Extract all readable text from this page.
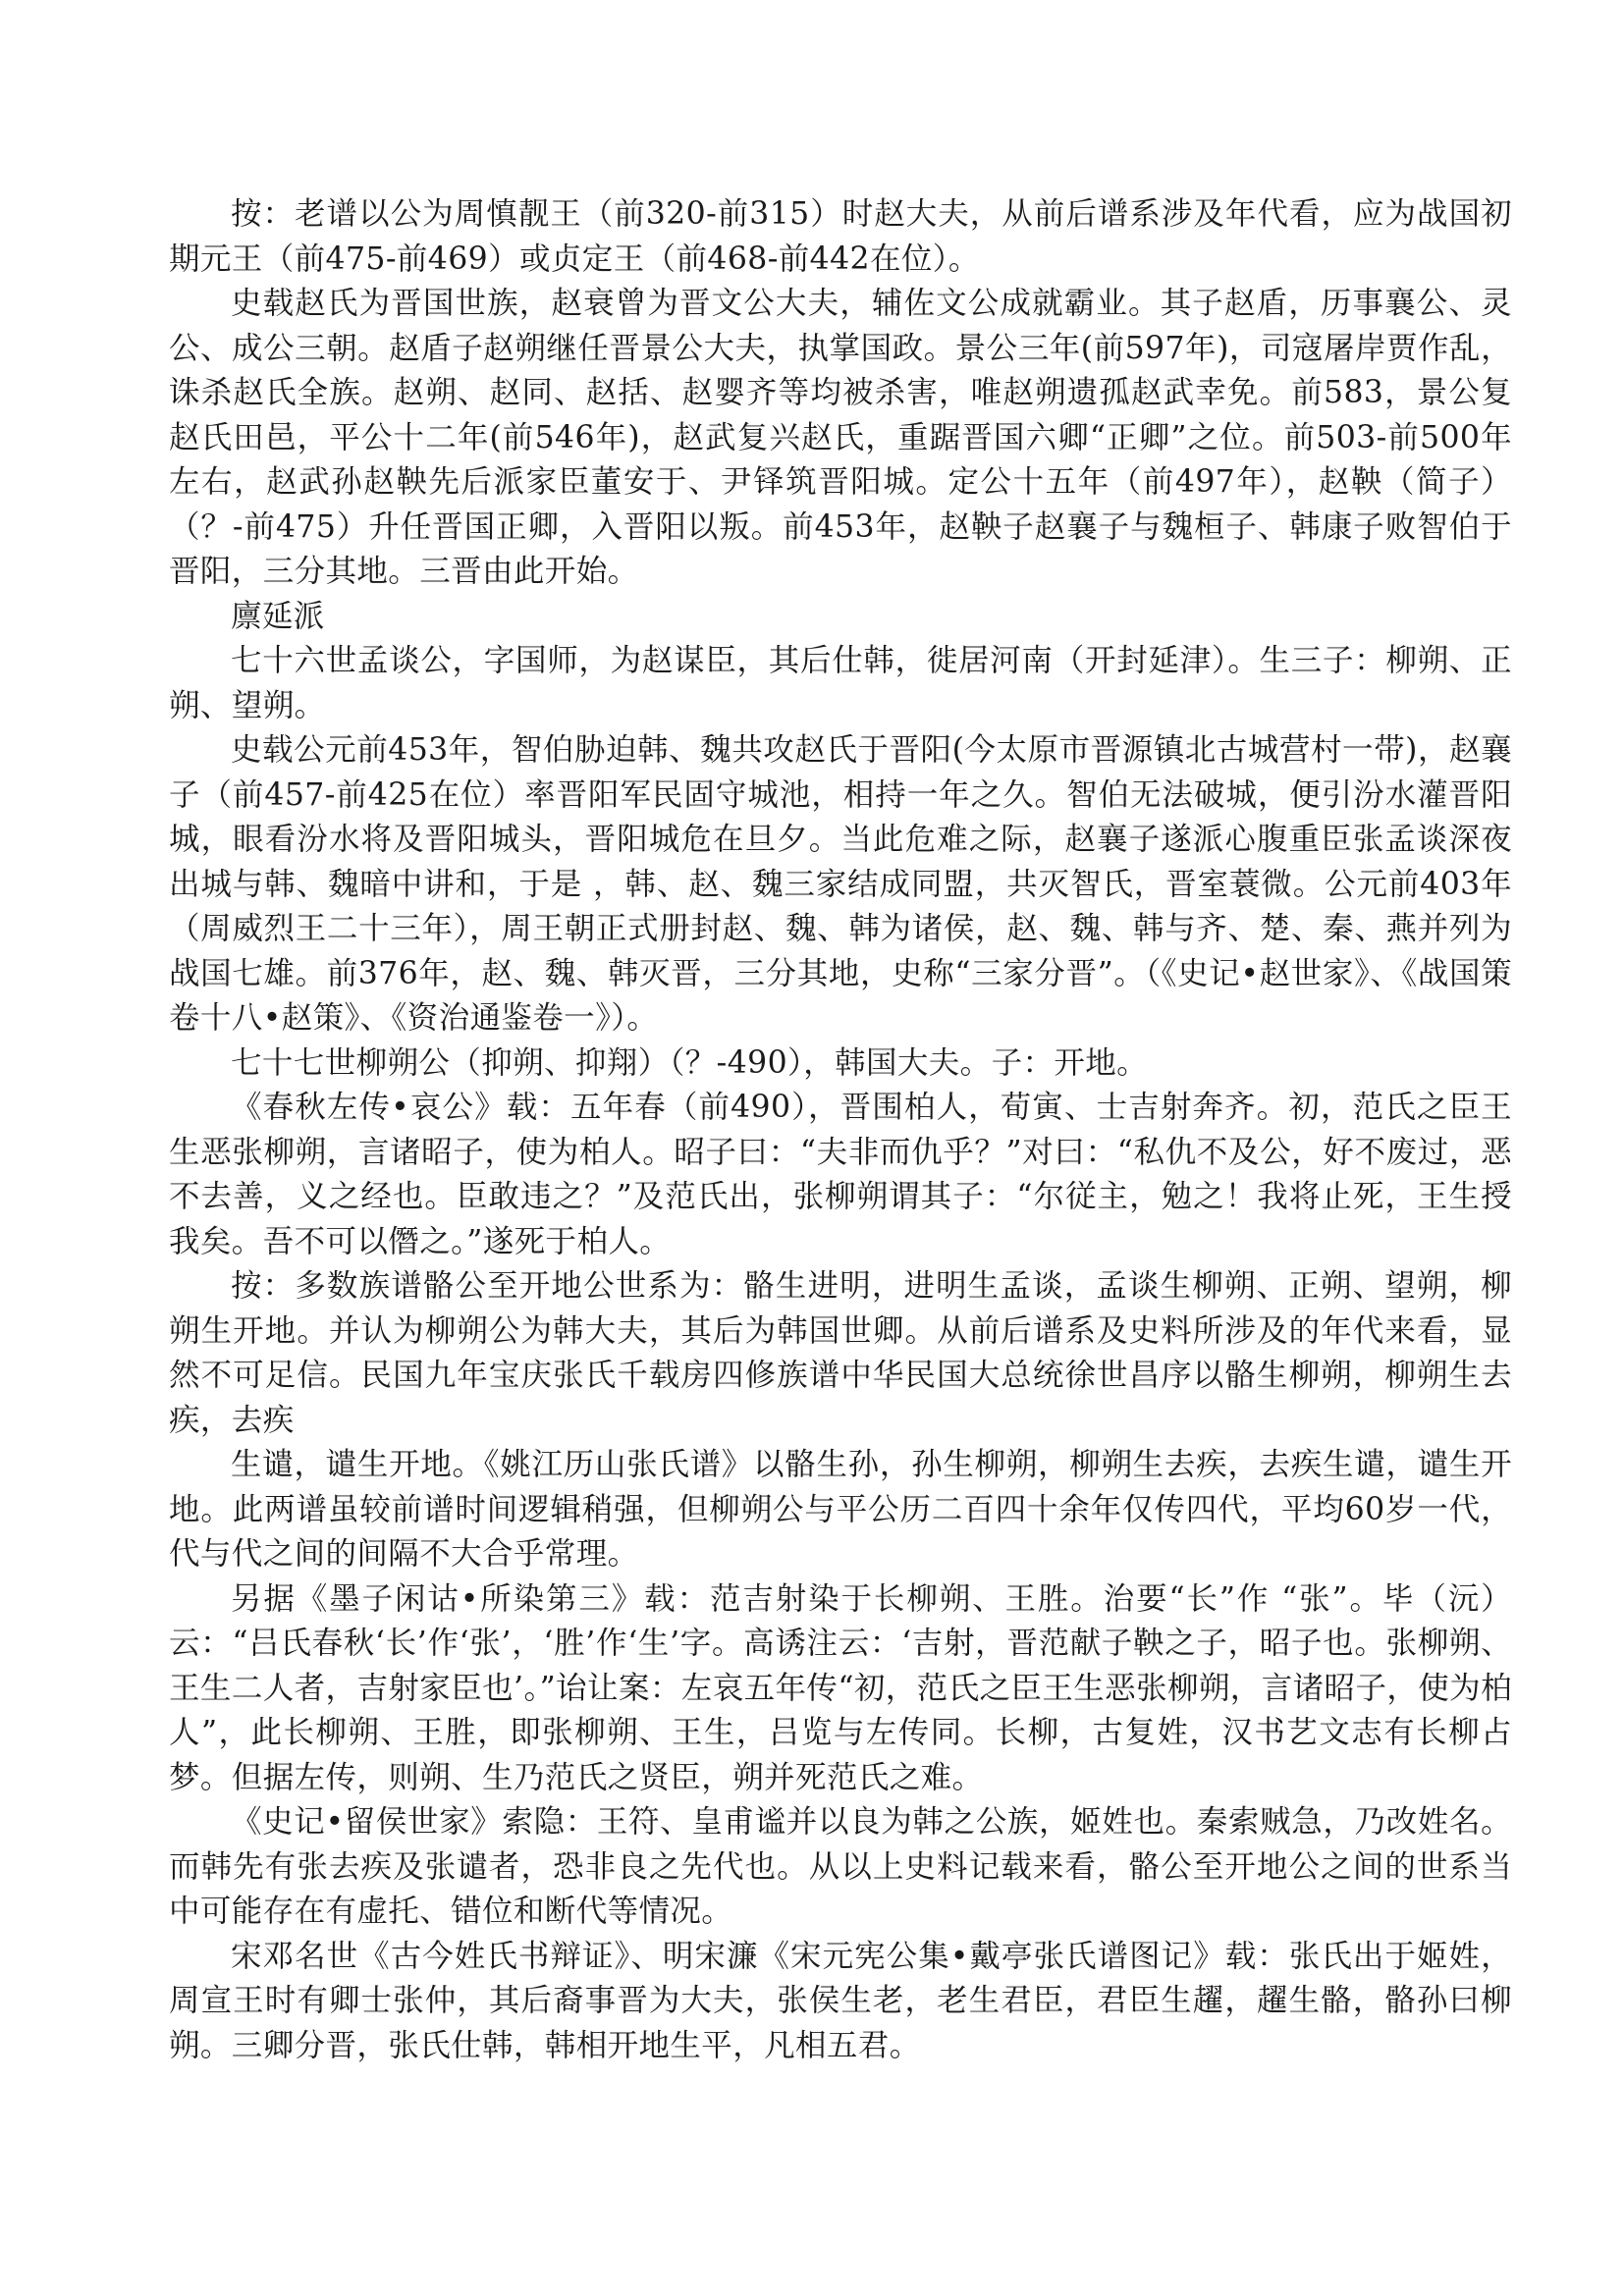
按：老谱以公为周慎靓王（前320-前315）时赵大夫，从前后谱系涉及年代看，应为战国初期元王（前475-前469）或贞定王（前468-前442在位）。

史载赵氏为晋国世族，赵衰曾为晋文公大夫，辅佐文公成就霸业。其子赵盾，历事襄公、灵公、成公三朝。赵盾子赵朔继任晋景公大夫，执掌国政。景公三年(前597年)，司寇屠岸贾作乱，诛杀赵氏全族。赵朔、赵同、赵括、赵婴齐等均被杀害，唯赵朔遗孤赵武幸免。前583，景公复赵氏田邑，平公十二年(前546年)，赵武复兴赵氏，重踞晋国六卿“正卿”之位。前503-前500年左右，赵武孙赵鞅先后派家臣董安于、尹铎筑晋阳城。定公十五年（前497年），赵鞅（简子）（？-前475）升任晋国正卿，入晋阳以叛。前453年，赵鞅子赵襄子与魏桓子、韩康子败智伯于晋阳，三分其地。三晋由此开始。

廪延派

七十六世孟谈公，字国师，为赵谋臣，其后仕韩，徙居河南（开封延津）。生三子：柳朔、正朔、望朔。

史载公元前453年，智伯胁迫韩、魏共攻赵氏于晋阳(今太原市晋源镇北古城营村一带)，赵襄子（前457-前425在位）率晋阳军民固守城池，相持一年之久。智伯无法破城，便引汾水灌晋阳城，眼看汾水将及晋阳城头，晋阳城危在旦夕。当此危难之际，赵襄子遂派心腹重臣张孟谈深夜出城与韩、魏暗中讲和，于是 ，韩、赵、魏三家结成同盟，共灭智氏，晋室蓑微。公元前403年（周威烈王二十三年），周王朝正式册封赵、魏、韩为诸侯，赵、魏、韩与齐、楚、秦、燕并列为战国七雄。前376年，赵、魏、韩灭晋，三分其地，史称“三家分晋”。（《史记•赵世家》、《战国策卷十八•赵策》、《资治通鉴卷一》）。

七十七世柳朔公（抑朔、抑翔）（？-490），韩国大夫。子：开地。

《春秋左传•哀公》载：五年春（前490），晋围柏人，荀寅、士吉射奔齐。初，范氏之臣王生恶张柳朔，言诸昭子，使为柏人。昭子曰：“夫非而仇乎？”对曰：“私仇不及公，好不废过，恶不去善，义之经也。臣敢违之？”及范氏出，张柳朔谓其子：“尔従主，勉之！我将止死，王生授我矣。吾不可以僭之。”遂死于柏人。

按：多数族谱骼公至开地公世系为：骼生进明，进明生孟谈，孟谈生柳朔、正朔、望朔，柳朔生开地。并认为柳朔公为韩大夫，其后为韩国世卿。从前后谱系及史料所涉及的年代来看，显然不可足信。民国九年宝庆张氏千载房四修族谱中华民国大总统徐世昌序以骼生柳朔，柳朔生去疾，去疾

生谴，谴生开地。《姚江历山张氏谱》以骼生孙，孙生柳朔，柳朔生去疾，去疾生谴，谴生开地。此两谱虽较前谱时间逻辑稍强，但柳朔公与平公历二百四十余年仅传四代，平均60岁一代，代与代之间的间隔不大合乎常理。

另据《墨子闲诂•所染第三》载：范吉射染于长柳朔、王胜。治要“长”作 “张”。毕（沅）云：“吕氏春秋‘长’作‘张’，‘胜’作‘生’字。高诱注云：‘吉射，晋范献子鞅之子，昭子也。张柳朔、王生二人者，吉射家臣也’。”诒让案：左哀五年传“初，范氏之臣王生恶张柳朔，言诸昭子，使为柏人”，此长柳朔、王胜，即张柳朔、王生，吕览与左传同。长柳，古复姓，汉书艺文志有长柳占梦。但据左传，则朔、生乃范氏之贤臣，朔并死范氏之难。

《史记•留侯世家》索隐：王符、皇甫谧并以良为韩之公族，姬姓也。秦索贼急，乃改姓名。而韩先有张去疾及张谴者，恐非良之先代也。从以上史料记载来看，骼公至开地公之间的世系当中可能存在有虚托、错位和断代等情况。

宋邓名世《古今姓氏书辩证》、明宋濂《宋元宪公集•戴亭张氏谱图记》载：张氏出于姬姓，周宣王时有卿士张仲，其后裔事晋为大夫，张侯生老，老生君臣，君臣生趯，趯生骼，骼孙曰柳朔。三卿分晋，张氏仕韩，韩相开地生平，凡相五君。
